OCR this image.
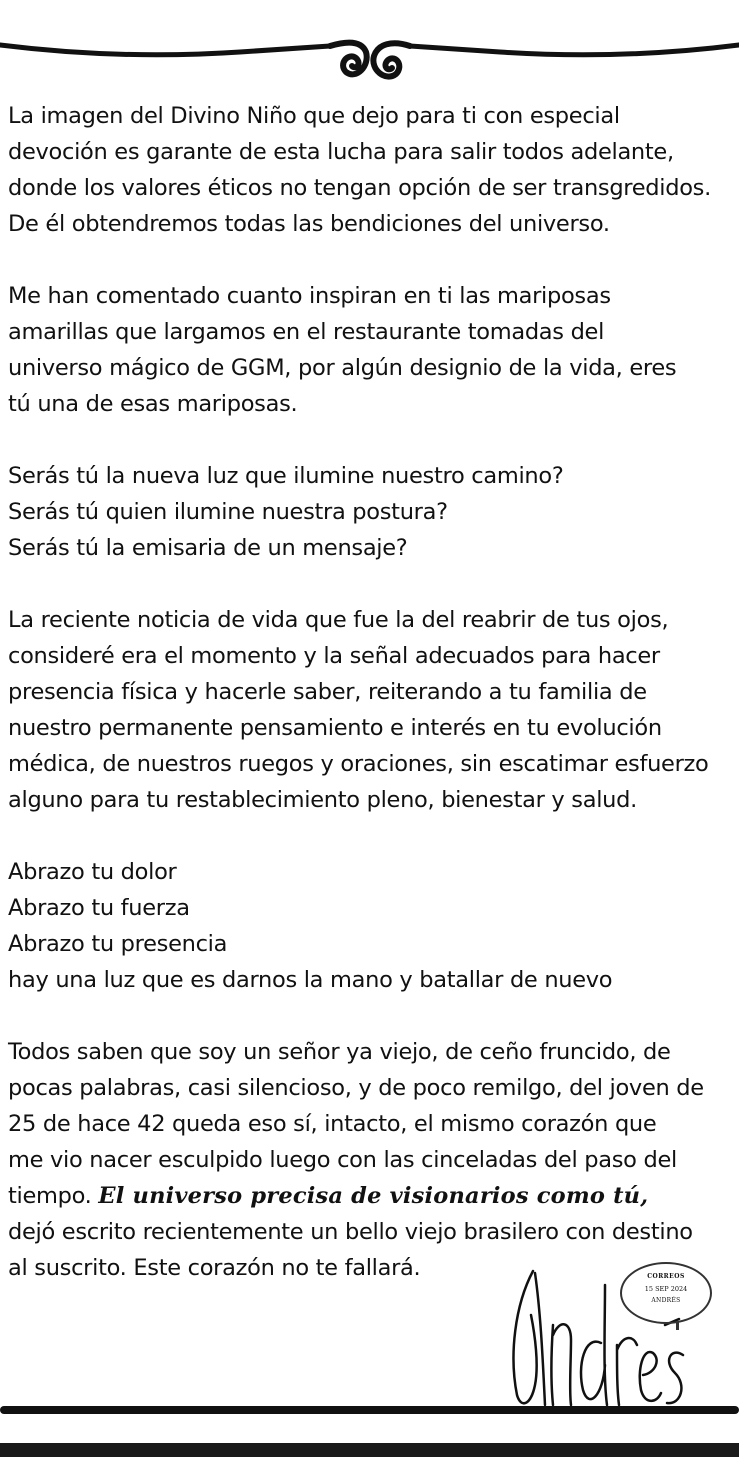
La imagen del Divino Niño que dejo para ti con especial
devoción es garante de esta lucha para salir todos adelante,
donde los valores éticos no tengan opción de ser transgredidos.
De él obtendremos todas las bendiciones del universo.
Me han comentado cuanto inspiran en ti las mariposas
amarillas que largamos en el restaurante tomadas del
universo mágico de GGM, por algún designio de la vida, eres
tú una de esas mariposas.
Serás tú la nueva luz que ilumine nuestro camino?
Serás tú quien ilumine nuestra postura?
Serás tú la emisaria de un mensaje?
La reciente noticia de vida que fue la del reabrir de tus ojos,
consideré era el momento y la señal adecuados para hacer
presencia física y hacerle saber, reiterando a tu familia de
nuestro permanente pensamiento e interés en tu evolución
médica, de nuestros ruegos y oraciones, sin escatimar esfuerzo
alguno para tu restablecimiento pleno, bienestar y salud.
Abrazo tu dolor
Abrazo tu fuerza
Abrazo tu presencia
hay una luz que es darnos la mano y batallar de nuevo
Todos saben que soy un señor ya viejo, de ceño fruncido, de
pocas palabras, casi silencioso, y de poco remilgo, del joven de
25 de hace 42 queda eso sí, intacto, el mismo corazón que
me vio nacer esculpido luego con las cinceladas del paso del
tiempo. El universo precisa de visionarios como tú,
dejó escrito recientemente un bello viejo brasilero con destino
al suscrito. Este corazón no te fallará.	CORREOS
15 SEP 2024
ANDRÉS
